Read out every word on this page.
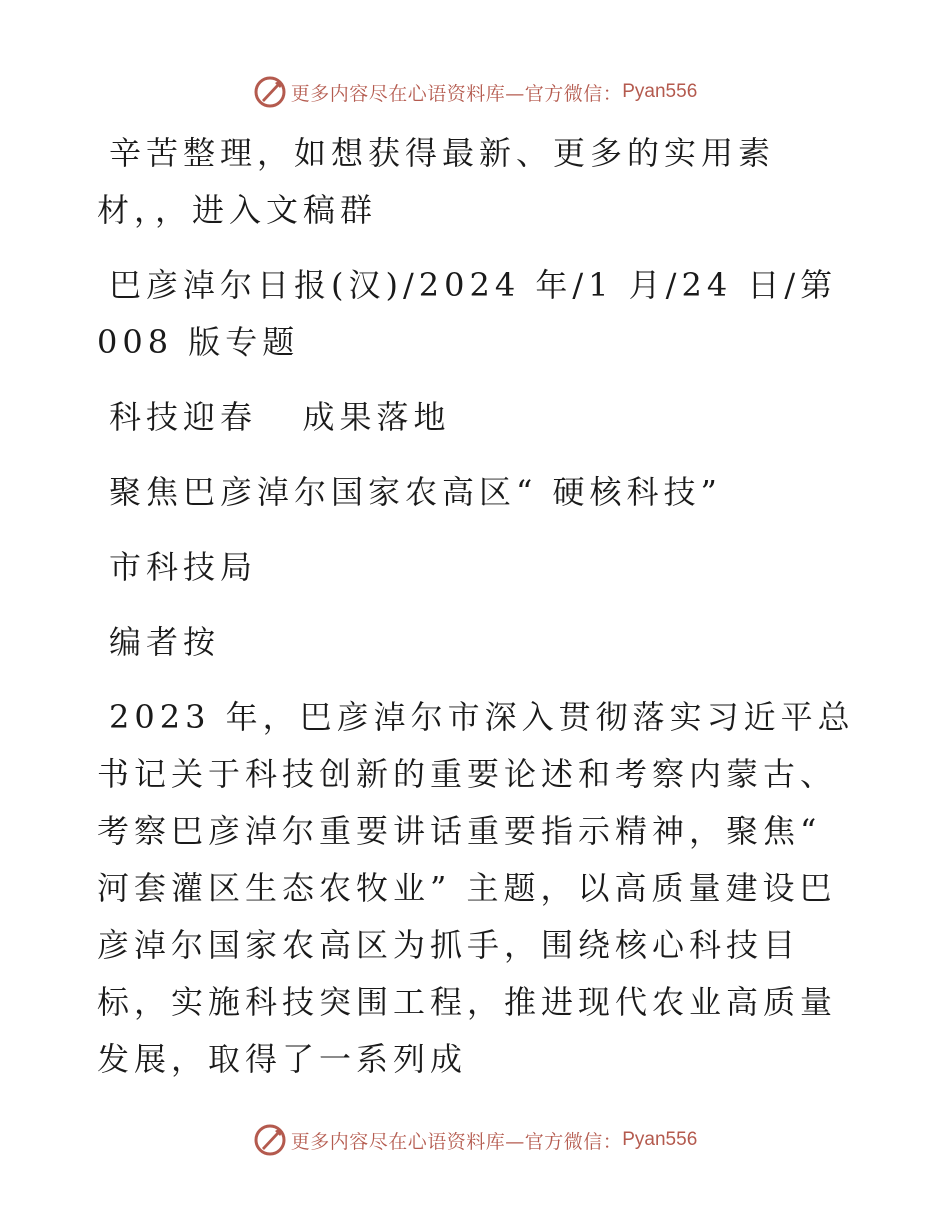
更多内容尽在心语资料库—官方微信： Pyan556

辛苦整理，如想获得最新、更多的实用素材，，进入文稿群

巴彦淖尔日报(汉)/2024 年/1 月/24 日/第 008 版专题

科技迎春   成果落地

聚焦巴彦淖尔国家农高区“ 硬核科技”

市科技局

编者按

2023 年，巴彦淖尔市深入贯彻落实习近平总书记关于科技创新的重要论述和考察内蒙古、考察巴彦淖尔重要讲话重要指示精神，聚焦“ 河套灌区生态农牧业” 主题，以高质量建设巴彦淖尔国家农高区为抓手，围绕核心科技目标，实施科技突围工程，推进现代农业高质量发展，取得了一系列成

更多内容尽在心语资料库—官方微信： Pyan556
